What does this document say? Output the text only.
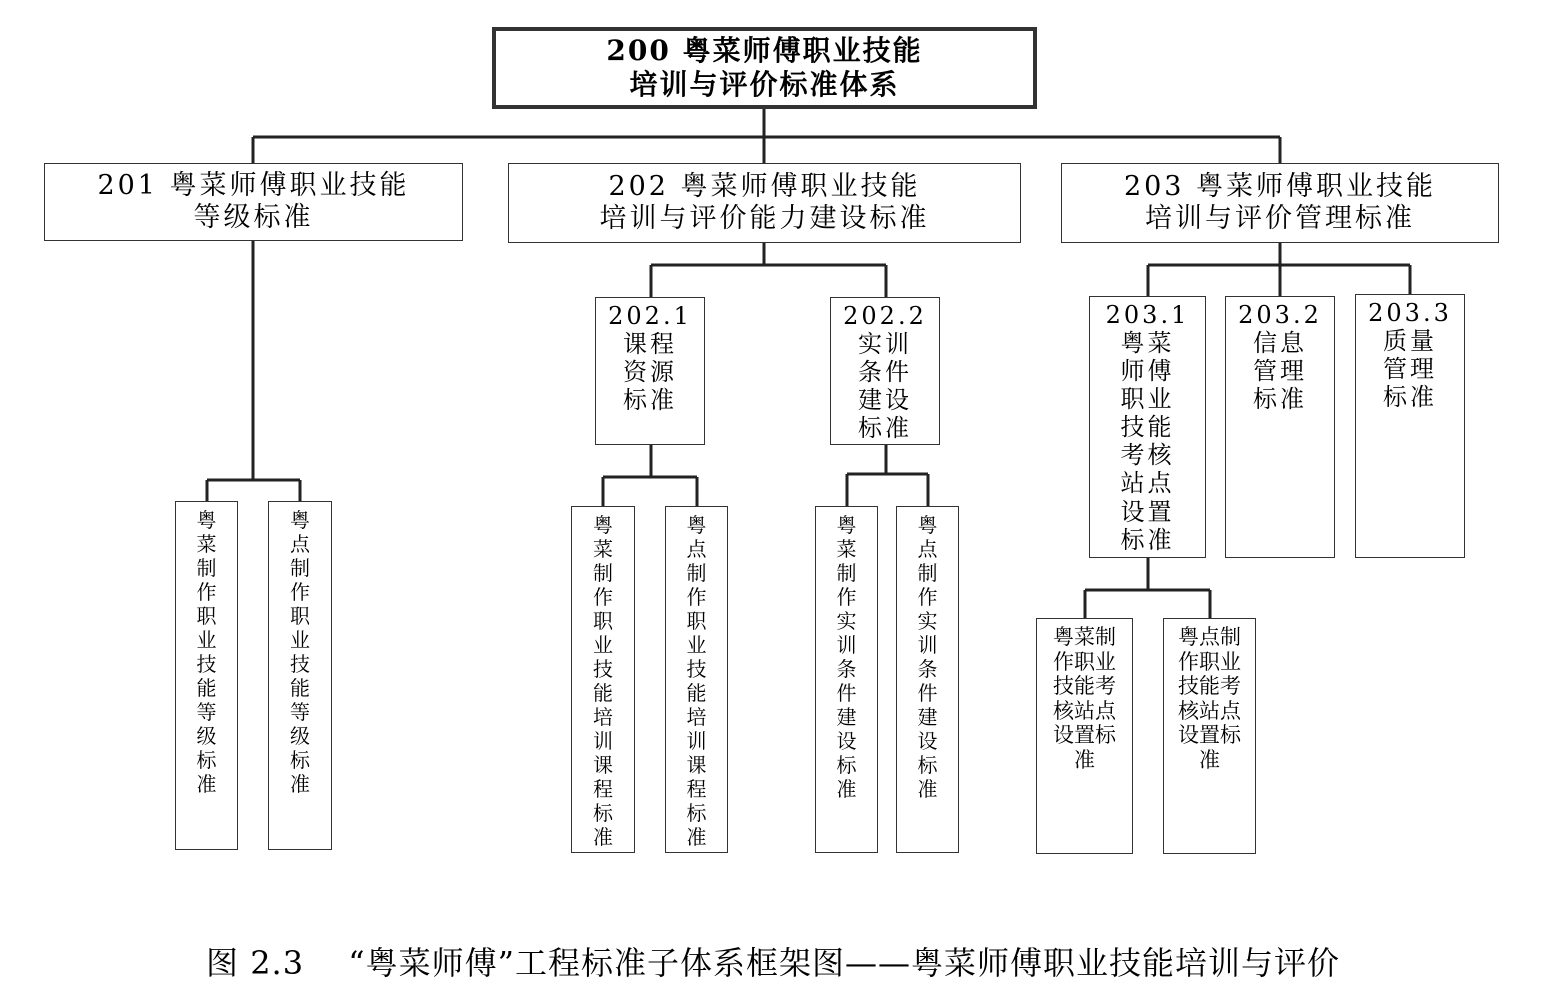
200 粤菜师傅职业技能
培训与评价标准体系
201 粤菜师傅职业技能
等级标准
202 粤菜师傅职业技能
培训与评价能力建设标准
203 粤菜师傅职业技能
培训与评价管理标准
202.1
课程资源标准
202.2
实训条件建设标准
203.1
粤菜师傅职业技能考核站点设置标准
203.2
信息管理标准
203.3
质量管理标准
粤菜制作职业技能等级标准
粤点制作职业技能等级标准
粤菜制作职业技能培训课程标准
粤点制作职业技能培训课程标准
粤菜制作实训条件建设标准
粤点制作实训条件建设标准
粤菜制作职业技能考核站点设置标准
粤点制作职业技能考核站点设置标准
图 2.3　 “粤菜师傅”工程标准子体系框架图——粤菜师傅职业技能培训与评价
